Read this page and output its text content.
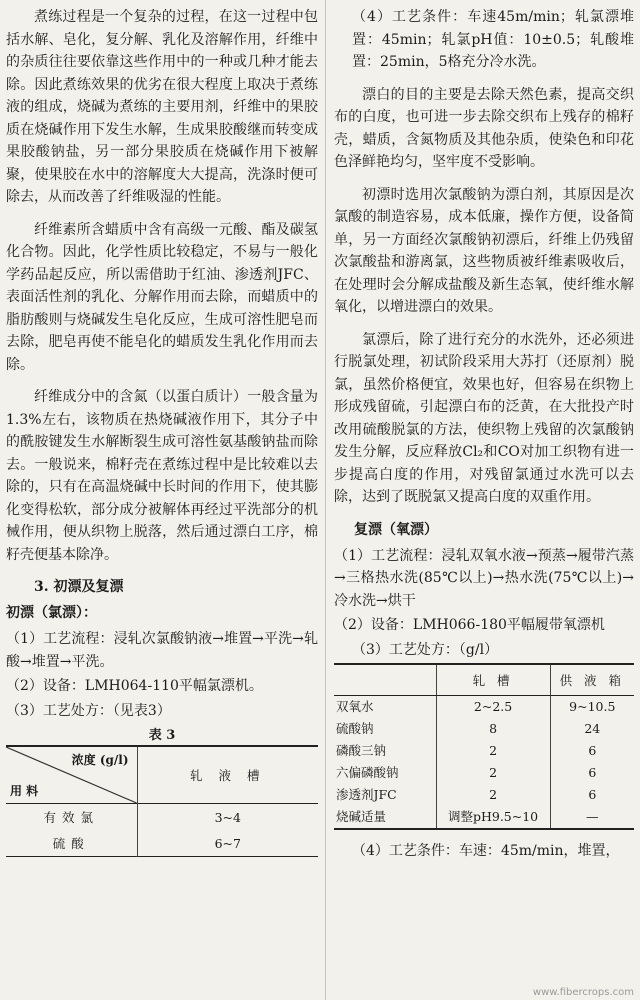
煮练过程是一个复杂的过程，在这一过程中包括水解、皂化，复分解、乳化及溶解作用，纤维中的杂质往往要依靠这些作用中的一种或几种才能去除。因此煮练效果的优劣在很大程度上取决于煮练液的组成，烧碱为煮练的主要用剂，纤维中的果胶质在烧碱作用下发生水解，生成果胶酸继而转变成果胶酸钠盐，另一部分果胶质在烧碱作用下被解聚，使果胶在水中的溶解度大大提高，洗涤时便可除去，从而改善了纤维吸湿的性能。

纤维素所含蜡质中含有高级一元酸、酯及碳氢化合物。因此，化学性质比较稳定，不易与一般化学药品起反应，所以需借助于红油、渗透剂JFC、表面活性剂的乳化、分解作用而去除，而蜡质中的脂肪酸则与烧碱发生皂化反应，生成可溶性肥皂而去除，肥皂再使不能皂化的蜡质发生乳化作用而去除。

纤维成分中的含氮（以蛋白质计）一般含量为1.3%左右，该物质在热烧碱液作用下，其分子中的酰胺键发生水解断裂生成可溶性氨基酸钠盐而除去。一般说来，棉籽壳在煮练过程中是比较难以去除的，只有在高温烧碱中长时间的作用下，使其膨化变得松软，部分成分被解体再经过平洗部分的机械作用，便从织物上脱落，然后通过漂白工序，棉籽壳便基本除净。

3. 初漂及复漂
初漂（氯漂）：

（1）工艺流程：浸轧次氯酸钠液→堆置→平洗→轧酸→堆置→平洗。

（2）设备：LMH064-110平幅氯漂机。

（3）工艺处方：（见表3）

表 3
浓度 (g/l)
用 料	轧 液 槽
有效氯	3~4
硫酸	6~7

（4）工艺条件：车速45m/min；轧氯漂堆置：45min；轧氯pH值：10±0.5；轧酸堆置：25min，5格充分冷水洗。

漂白的目的主要是去除天然色素，提高交织布的白度，也可进一步去除交织布上残存的棉籽壳，蜡质，含氮物质及其他杂质，使染色和印花色泽鲜艳均匀，坚牢度不受影响。

初漂时选用次氯酸钠为漂白剂，其原因是次氯酸的制造容易，成本低廉，操作方便，设备简单，另一方面经次氯酸钠初漂后，纤维上仍残留次氯酸盐和游离氯，这些物质被纤维素吸收后，在处理时会分解成盐酸及新生态氧，使纤维水解氧化，以增进漂白的效果。

氯漂后，除了进行充分的水洗外，还必须进行脱氯处理，初试阶段采用大苏打（还原剂）脱氯，虽然价格便宜，效果也好，但容易在织物上形成残留硫，引起漂白布的泛黄，在大批投产时改用硫酸脱氯的方法，使织物上残留的次氯酸钠发生分解，反应释放Cl₂和CO对加工织物有进一步提高白度的作用，对残留氯通过水洗可以去除，达到了既脱氯又提高白度的双重作用。

复漂（氧漂）

（1）工艺流程：浸轧双氧水液→预蒸→履带汽蒸→三格热水洗(85℃以上)→热水洗(75℃以上)→冷水洗→烘干

（2）设备：LMH066-180平幅履带氧漂机

（3）工艺处方：（g/l）

	轧 槽	供 液 箱
双氧水	2~2.5	9~10.5
硫酸钠	8	24
磷酸三钠	2	6
六偏磷酸钠	2	6
渗透剂JFC	2	6
烧碱适量	调整pH9.5~10	—

（4）工艺条件：车速：45m/min，堆置，

www.fibercrops.com
